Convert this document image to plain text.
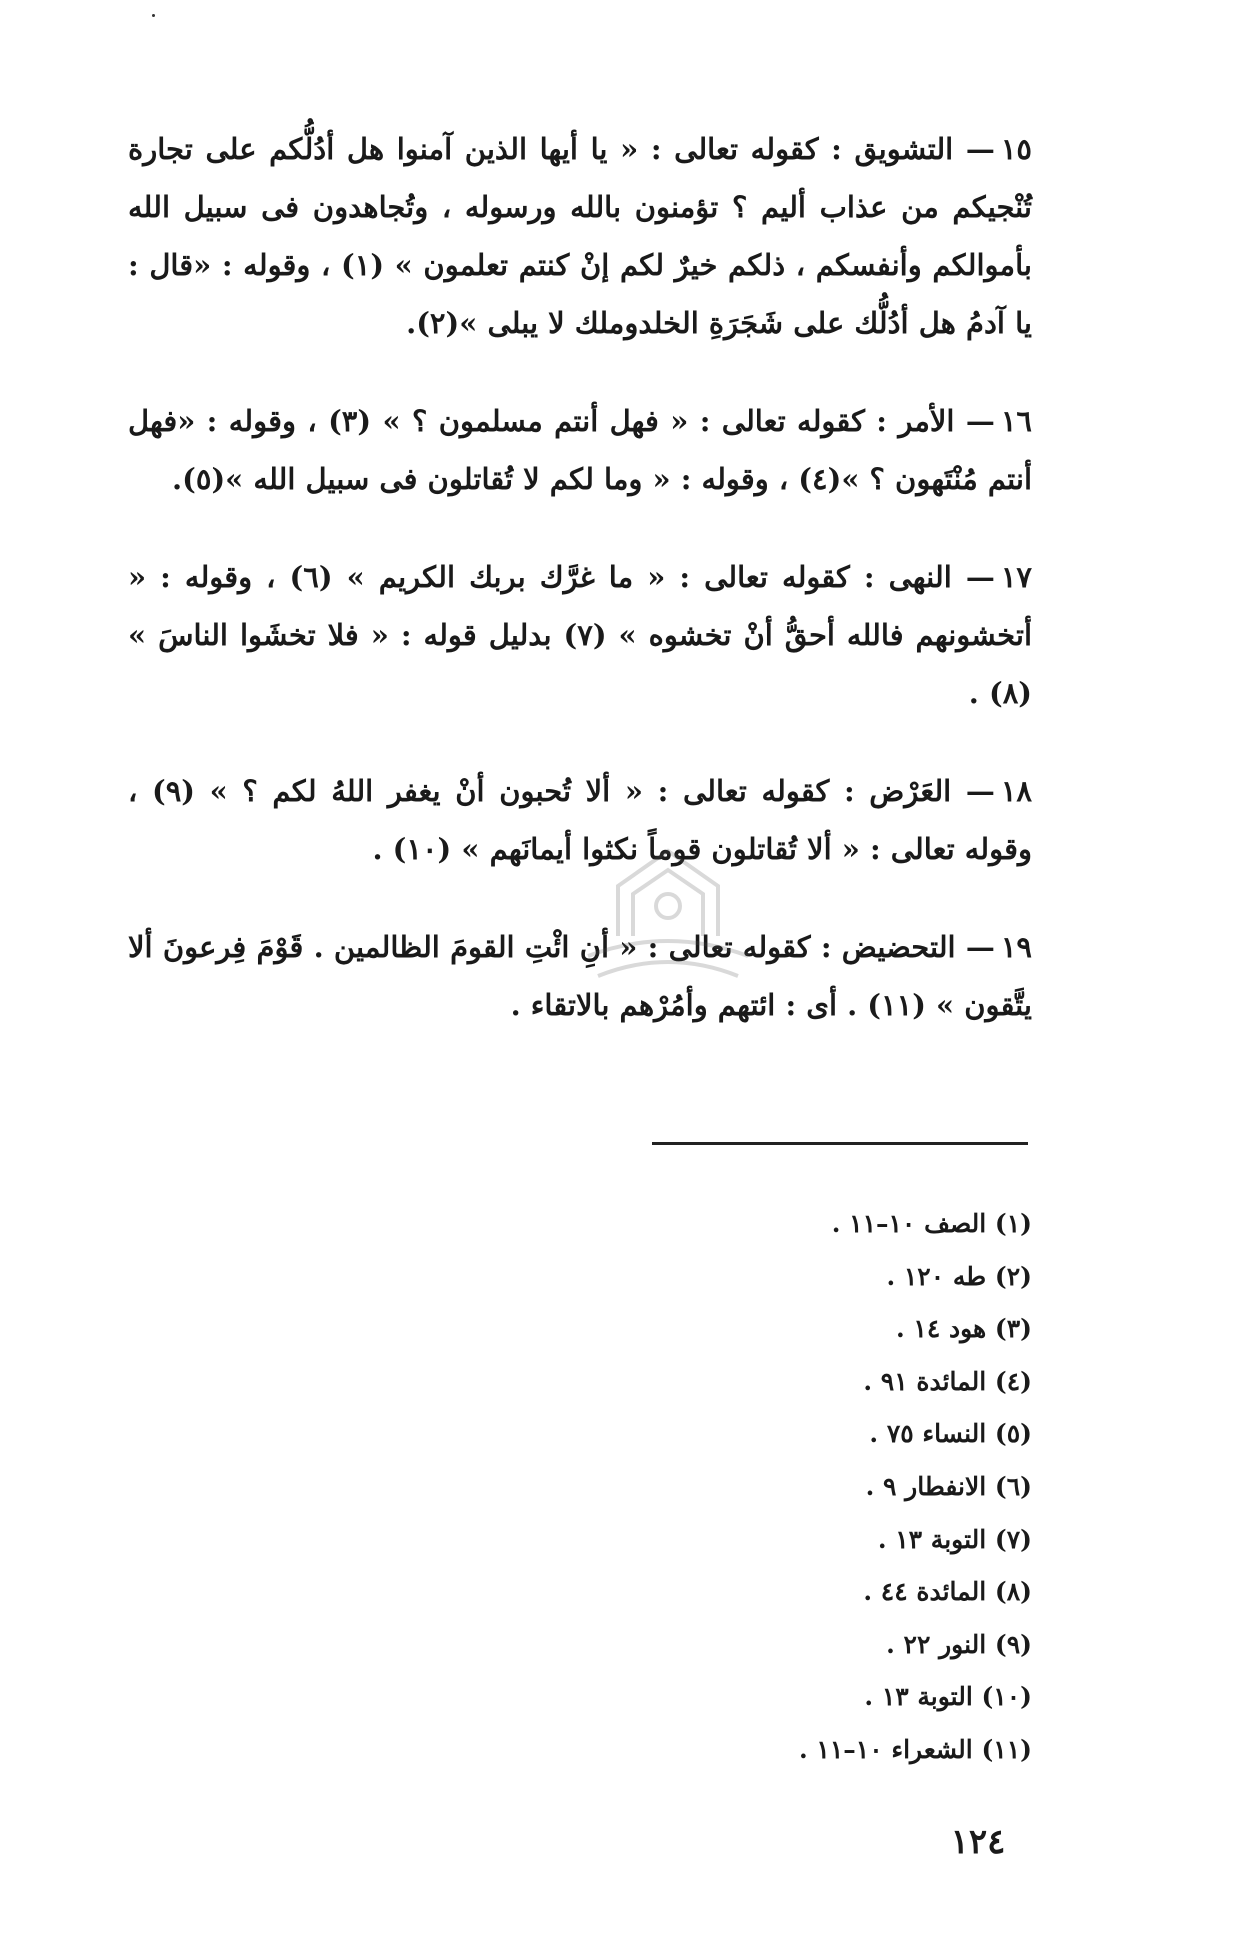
١٥— التشويق : كقوله تعالى : « يا أيها الذين آمنوا هل أدُلُّكم على تجارة تُنْجيكم من عذاب أليم ؟ تؤمنون بالله ورسوله ، وتُجاهدون فى سبيل الله بأموالكم وأنفسكم ، ذلكم خيرٌ لكم إنْ كنتم تعلمون » (١) ، وقوله : «قال : يا آدمُ هل أدُلُّك على شَجَرَةِ الخلدوملك لا يبلى »(٢).

١٦— الأمر : كقوله تعالى : « فهل أنتم مسلمون ؟ » (٣) ، وقوله : «فهل أنتم مُنْتَهون ؟ »(٤) ، وقوله : « وما لكم لا تُقاتلون فى سبيل الله »(٥).

١٧— النهى : كقوله تعالى : « ما غرَّك بربك الكريم » (٦) ، وقوله : « أتخشونهم فالله أحقُّ أنْ تخشوه » (٧) بدليل قوله : « فلا تخشَوا الناسَ » (٨) .

١٨— العَرْض : كقوله تعالى : « ألا تُحبون أنْ يغفر اللهُ لكم ؟ » (٩) ، وقوله تعالى : « ألا تُقاتلون قوماً نكثوا أيمانَهم » (١٠) .

١٩— التحضيض : كقوله تعالى : « أنِ ائْتِ القومَ الظالمين . قَوْمَ فِرعونَ ألا يتَّقون » (١١) . أى : ائتهم وأمُرْهم بالاتقاء .

(١) الصف ١٠–١١ .
(٢) طه ١٢٠ .
(٣) هود ١٤ .
(٤) المائدة ٩١ .
(٥) النساء ٧٥ .
(٦) الانفطار ٩ .
(٧) التوبة ١٣ .
(٨) المائدة ٤٤ .
(٩) النور ٢٢ .
(١٠) التوبة ١٣ .
(١١) الشعراء ١٠–١١ .
١٢٤
